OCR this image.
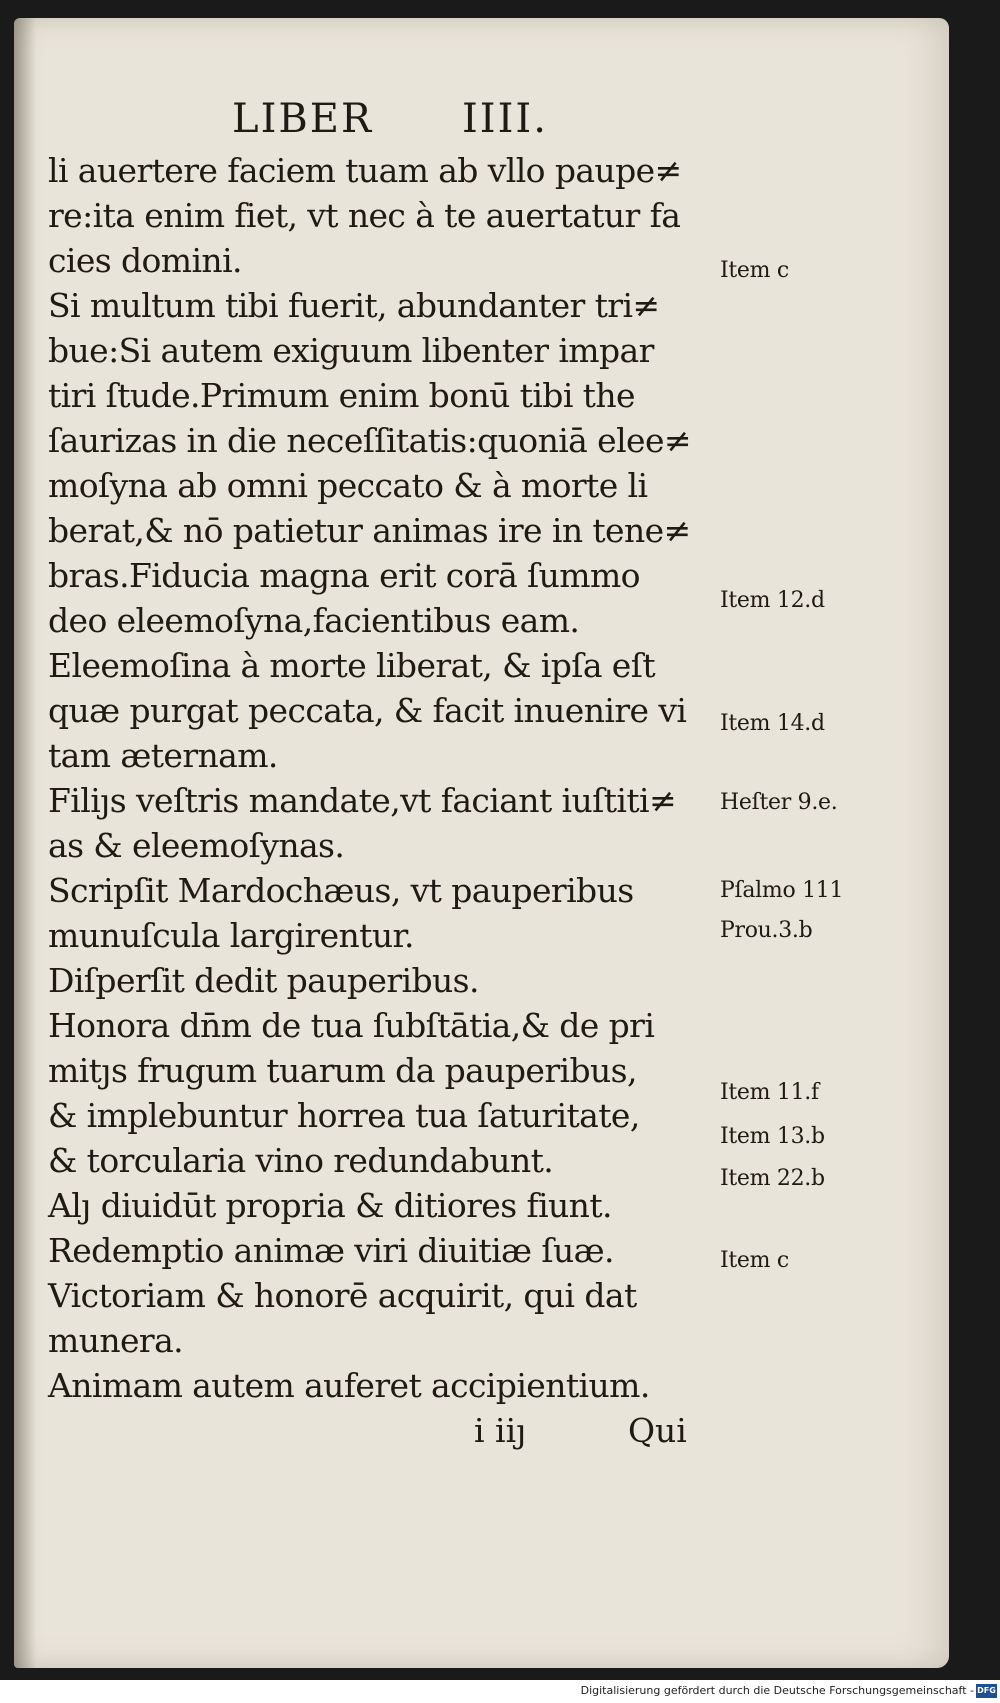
LIBER IIII.
li auertere faciem tuam ab vllo paupe≠
re:ita enim fiet, vt nec à te auertatur fa
cies domini.
Si multum tibi fuerit, abundanter tri≠
bue:Si autem exiguum libenter impar
tiri ſtude.Primum enim bonū tibi the
ſaurizas in die neceſſitatis:quoniā elee≠
moſyna ab omni peccato & à morte li
berat,& nō patietur animas ire in tene≠
bras.Fiducia magna erit corā ſummo
deo eleemoſyna,facientibus eam.
Eleemoſina à morte liberat, & ipſa eſt
quæ purgat peccata, & facit inuenire vi
tam æternam.
Filiȷs veſtris mandate,vt faciant iuſtiti≠
as & eleemoſynas.
Scripſit Mardochæus, vt pauperibus
munuſcula largirentur.
Diſperſit dedit pauperibus.
Honora dn̄m de tua ſubſtātia,& de pri
mitȷs frugum tuarum da pauperibus,
& implebuntur horrea tua ſaturitate,
& torcularia vino redundabunt.
Alȷ diuidūt propria & ditiores fiunt.
Redemptio animæ viri diuitiæ ſuæ.
Victoriam & honorē acquirit, qui dat
munera.
Animam autem auferet accipientium.
Item c
Item 12.d
Item 14.d
Heſter 9.e.
Pſalmo 111
Prou.3.b
Item 11.f
Item 13.b
Item 22.b
Item c
i iiȷ	Qui
Digitalisierung gefördert durch die Deutsche Forschungsgemeinschaft - DFG
